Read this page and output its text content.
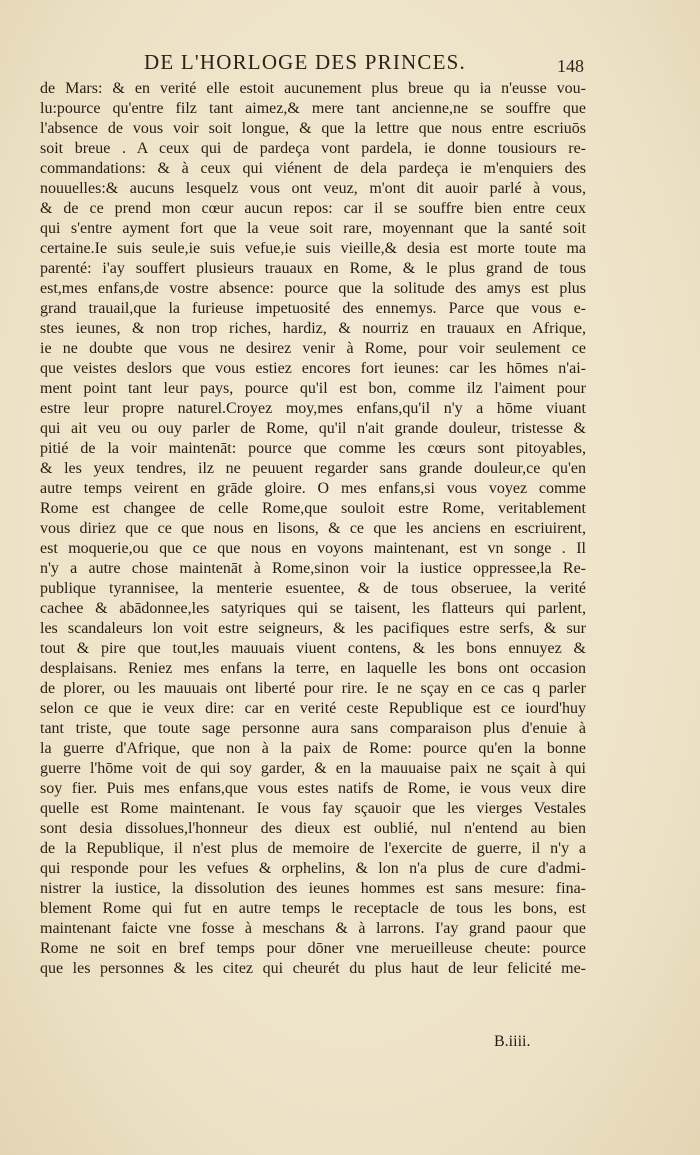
DE L'HORLOGE DES PRINCES.	148
de Mars: & en verité elle estoit aucunement plus breue qu ia n'eusse vou-
lu:pource qu'entre filz tant aimez,& mere tant ancienne,ne se souffre que
l'absence de vous voir soit longue, & que la lettre que nous entre escriuōs
soit breue . A ceux qui de pardeça vont pardela, ie donne tousiours re-
commandations: & à ceux qui viénent de dela pardeça ie m'enquiers des
nouuelles:& aucuns lesquelz vous ont veuz, m'ont dit auoir parlé à vous,
& de ce prend mon cœur aucun repos: car il se souffre bien entre ceux
qui s'entre ayment fort que la veue soit rare, moyennant que la santé soit
certaine.Ie suis seule,ie suis vefue,ie suis vieille,& desia est morte toute ma
parenté: i'ay souffert plusieurs trauaux en Rome, & le plus grand de tous
est,mes enfans,de vostre absence: pource que la solitude des amys est plus
grand trauail,que la furieuse impetuosité des ennemys. Parce que vous e-
stes ieunes, & non trop riches, hardiz, & nourriz en trauaux en Afrique,
ie ne doubte que vous ne desirez venir à Rome, pour voir seulement ce
que veistes deslors que vous estiez encores fort ieunes: car les hōmes n'ai-
ment point tant leur pays, pource qu'il est bon, comme ilz l'aiment pour
estre leur propre naturel.Croyez moy,mes enfans,qu'il n'y a hōme viuant
qui ait veu ou ouy parler de Rome, qu'il n'ait grande douleur, tristesse &
pitié de la voir maintenāt: pource que comme les cœurs sont pitoyables,
& les yeux tendres, ilz ne peuuent regarder sans grande douleur,ce qu'en
autre temps veirent en grāde gloire. O mes enfans,si vous voyez comme
Rome est changee de celle Rome,que souloit estre Rome, veritablement
vous diriez que ce que nous en lisons, & ce que les anciens en escriuirent,
est moquerie,ou que ce que nous en voyons maintenant, est vn songe . Il
n'y a autre chose maintenāt à Rome,sinon voir la iustice oppressee,la Re-
publique tyrannisee, la menterie esuentee, & de tous obseruee, la verité
cachee & abādonnee,les satyriques qui se taisent, les flatteurs qui parlent,
les scandaleurs lon voit estre seigneurs, & les pacifiques estre serfs, & sur
tout & pire que tout,les mauuais viuent contens, & les bons ennuyez &
desplaisans. Reniez mes enfans la terre, en laquelle les bons ont occasion
de plorer, ou les mauuais ont liberté pour rire. Ie ne sçay en ce cas q parler
selon ce que ie veux dire: car en verité ceste Republique est ce iourd'huy
tant triste, que toute sage personne aura sans comparaison plus d'enuie à
la guerre d'Afrique, que non à la paix de Rome: pource qu'en la bonne
guerre l'hōme voit de qui soy garder, & en la mauuaise paix ne sçait à qui
soy fier. Puis mes enfans,que vous estes natifs de Rome, ie vous veux dire
quelle est Rome maintenant. Ie vous fay sçauoir que les vierges Vestales
sont desia dissolues,l'honneur des dieux est oublié, nul n'entend au bien
de la Republique, il n'est plus de memoire de l'exercite de guerre, il n'y a
qui responde pour les vefues & orphelins, & lon n'a plus de cure d'admi-
nistrer la iustice, la dissolution des ieunes hommes est sans mesure: fina-
blement Rome qui fut en autre temps le receptacle de tous les bons, est
maintenant faicte vne fosse à meschans & à larrons. I'ay grand paour que
Rome ne soit en bref temps pour dōner vne merueilleuse cheute: pource
que les personnes & les citez qui cheurét du plus haut de leur felicité me-
B.iiii.
